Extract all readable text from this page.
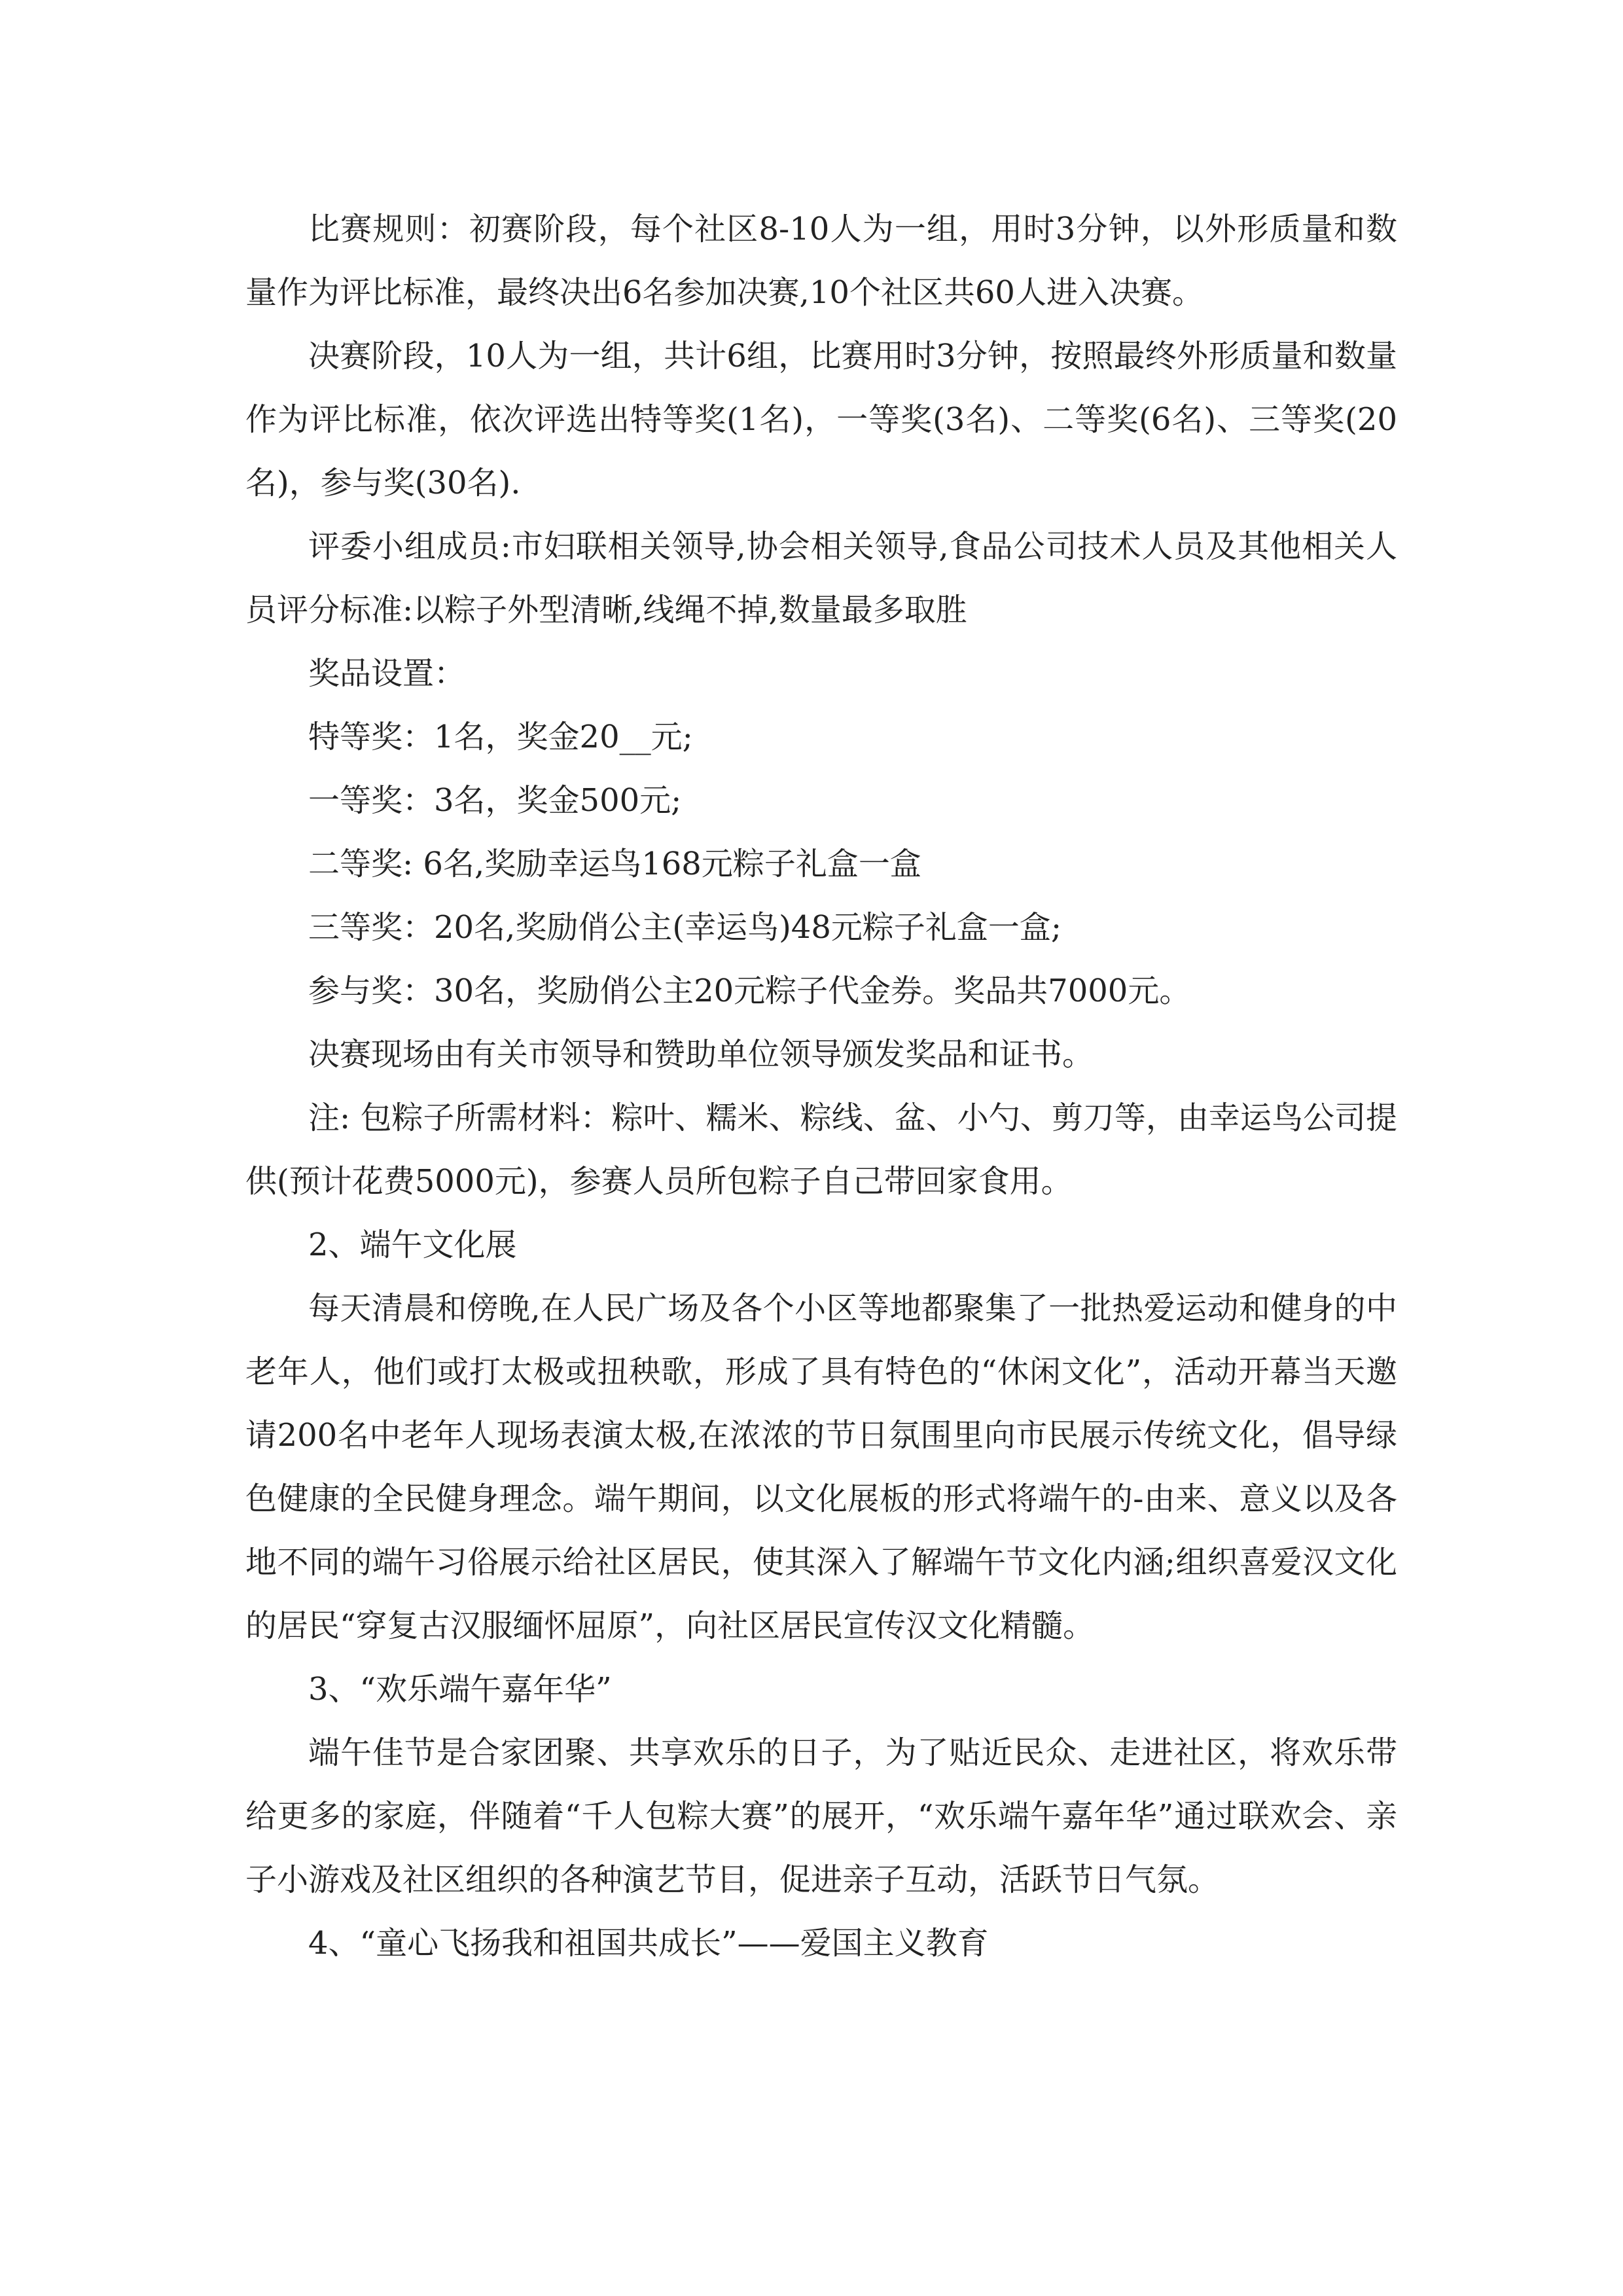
比赛规则：初赛阶段，每个社区8-10人为一组，用时3分钟，以外形质量和数量作为评比标准，最终决出6名参加决赛,10个社区共60人进入决赛。

决赛阶段，10人为一组，共计6组，比赛用时3分钟，按照最终外形质量和数量作为评比标准，依次评选出特等奖(1名)，一等奖(3名)、二等奖(6名)、三等奖(20名)，参与奖(30名).

评委小组成员:市妇联相关领导,协会相关领导,食品公司技术人员及其他相关人员评分标准:以粽子外型清晰,线绳不掉,数量最多取胜

奖品设置：

特等奖：1名，奖金20__元;

一等奖：3名，奖金500元;

二等奖: 6名,奖励幸运鸟168元粽子礼盒一盒

三等奖：20名,奖励俏公主(幸运鸟)48元粽子礼盒一盒;

参与奖：30名，奖励俏公主20元粽子代金券。奖品共7000元。

决赛现场由有关市领导和赞助单位领导颁发奖品和证书。

注: 包粽子所需材料：粽叶、糯米、粽线、盆、小勺、剪刀等，由幸运鸟公司提供(预计花费5000元)，参赛人员所包粽子自己带回家食用。

2、端午文化展

每天清晨和傍晚,在人民广场及各个小区等地都聚集了一批热爱运动和健身的中老年人，他们或打太极或扭秧歌，形成了具有特色的“休闲文化”，活动开幕当天邀请200名中老年人现场表演太极,在浓浓的节日氛围里向市民展示传统文化，倡导绿色健康的全民健身理念。端午期间，以文化展板的形式将端午的-由来、意义以及各地不同的端午习俗展示给社区居民，使其深入了解端午节文化内涵;组织喜爱汉文化的居民“穿复古汉服缅怀屈原”，向社区居民宣传汉文化精髓。

3、“欢乐端午嘉年华”

端午佳节是合家团聚、共享欢乐的日子，为了贴近民众、走进社区，将欢乐带给更多的家庭，伴随着“千人包粽大赛”的展开，“欢乐端午嘉年华”通过联欢会、亲子小游戏及社区组织的各种演艺节目，促进亲子互动，活跃节日气氛。

4、“童心飞扬我和祖国共成长”——爱国主义教育
